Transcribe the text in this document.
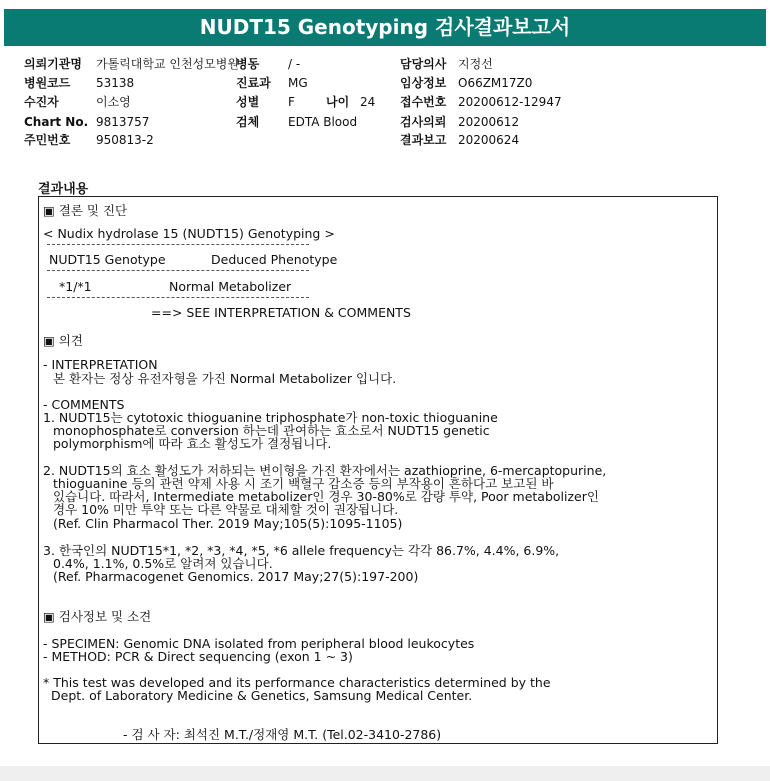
NUDT15 Genotyping 검사결과보고서
의뢰기관명 가톨릭대학교 인천성모병원
병원코드 53138
수진자	이소영
Chart No. 9813757
주민번호 950813-2
병동 / -
진료과 MG
성별 F	나이 24
검체 EDTA Blood
담당의사 지정선
임상정보 O66ZM17Z0
접수번호 20200612-12947
검사의뢰 20200612
결과보고 20200624
결과내용
▣ 결론 및 진단
< Nudix hydrolase 15 (NUDT15) Genotyping >
NUDT15 Genotype	Deduced Phenotype
*1/*1	Normal Metabolizer
==> SEE INTERPRETATION & COMMENTS
▣ 의견
- INTERPRETATION
본 환자는 정상 유전자형을 가진 Normal Metabolizer 입니다.
- COMMENTS
1. NUDT15는 cytotoxic thioguanine triphosphate가 non-toxic thioguanine
monophosphate로 conversion 하는데 관여하는 효소로서 NUDT15 genetic
polymorphism에 따라 효소 활성도가 결정됩니다.
2. NUDT15의 효소 활성도가 저하되는 변이형을 가진 환자에서는 azathioprine, 6-mercaptopurine,
thioguanine 등의 관련 약제 사용 시 조기 백혈구 감소증 등의 부작용이 흔하다고 보고된 바
있습니다. 따라서, Intermediate metabolizer인 경우 30-80%로 감량 투약, Poor metabolizer인
경우 10% 미만 투약 또는 다른 약물로 대체할 것이 권장됩니다.
(Ref. Clin Pharmacol Ther. 2019 May;105(5):1095-1105)
3. 한국인의 NUDT15*1, *2, *3, *4, *5, *6 allele frequency는 각각 86.7%, 4.4%, 6.9%,
0.4%, 1.1%, 0.5%로 알려져 있습니다.
(Ref. Pharmacogenet Genomics. 2017 May;27(5):197-200)
▣ 검사정보 및 소견
- SPECIMEN: Genomic DNA isolated from peripheral blood leukocytes
- METHOD: PCR & Direct sequencing (exon 1 ~ 3)
* This test was developed and its performance characteristics determined by the
Dept. of Laboratory Medicine & Genetics, Samsung Medical Center.
- 검 사 자: 최석진 M.T./정재영 M.T. (Tel.02-3410-2786)
